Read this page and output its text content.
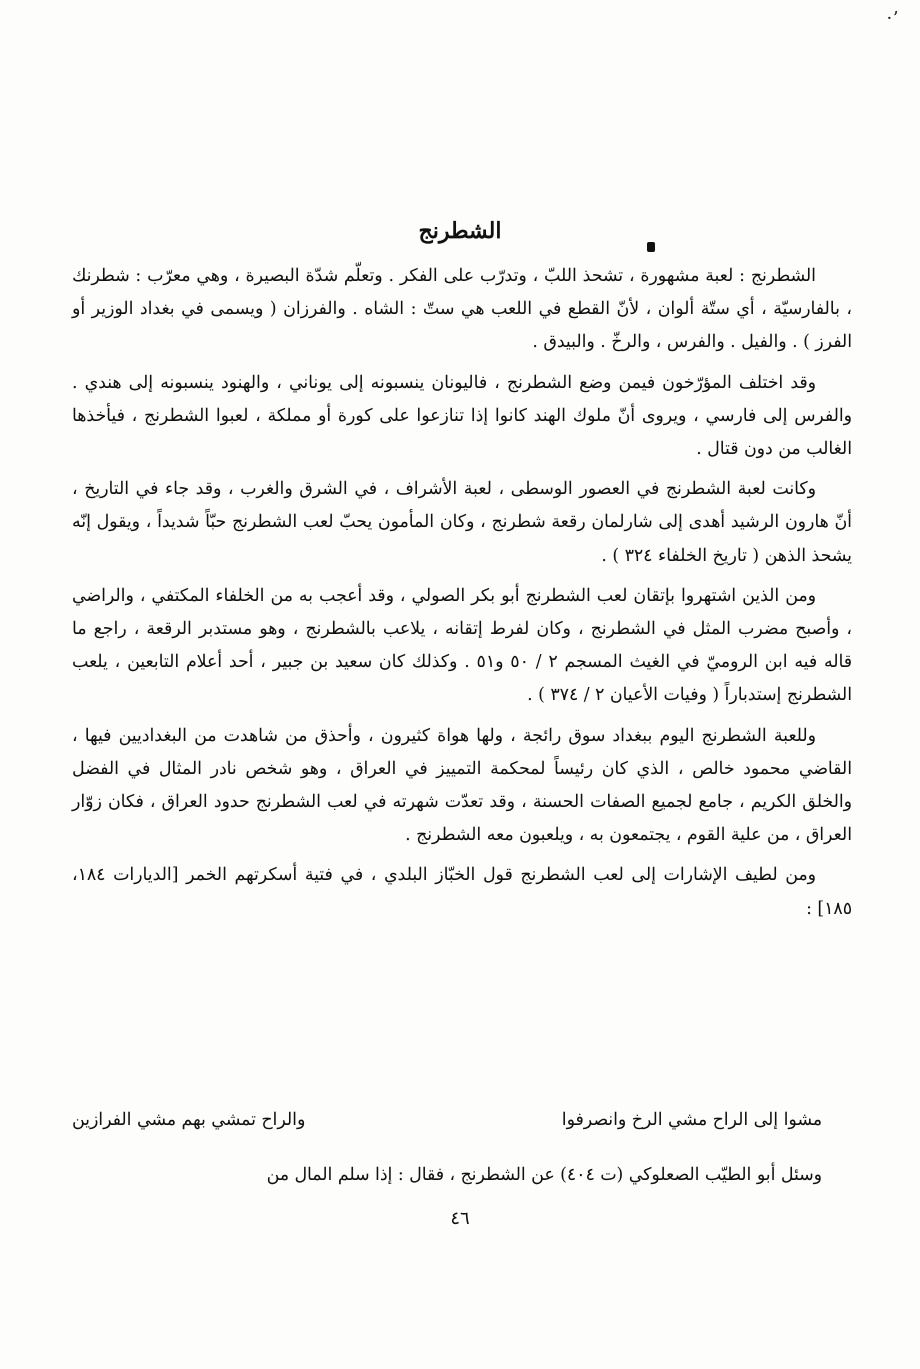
·ʼ
الشطرنج

الشطرنج : لعبة مشهورة ، تشحذ اللبّ ، وتدرّب على الفكر . وتعلّم شدّة البصيرة ، وهي معرّب : شطرنك ، بالفارسيّة ، أي ستّة ألوان ، لأنّ القطع في اللعب هي ستّ : الشاه . والفرزان ( ويسمى في بغداد الوزير أو الفرز ) . والفيل . والفرس ، والرخّ . والبيدق .

وقد اختلف المؤرّخون فيمن وضع الشطرنج ، فاليونان ينسبونه إلى يوناني ، والهنود ينسبونه إلى هندي . والفرس إلى فارسي ، ويروى أنّ ملوك الهند كانوا إذا تنازعوا على كورة أو مملكة ، لعبوا الشطرنج ، فيأخذها الغالب من دون قتال .

وكانت لعبة الشطرنج في العصور الوسطى ، لعبة الأشراف ، في الشرق والغرب ، وقد جاء في التاريخ ، أنّ هارون الرشيد أهدى إلى شارلمان رقعة شطرنج ، وكان المأمون يحبّ لعب الشطرنج حبّاً شديداً ، ويقول إنّه يشحذ الذهن ( تاريخ الخلفاء ٣٢٤ ) .

ومن الذين اشتهروا بإتقان لعب الشطرنج أبو بكر الصولي ، وقد أعجب به من الخلفاء المكتفي ، والراضي ، وأصبح مضرب المثل في الشطرنج ، وكان لفرط إتقانه ، يلاعب بالشطرنج ، وهو مستدبر الرقعة ، راجع ما قاله فيه ابن الروميّ في الغيث المسجم ٢ / ٥٠ و٥١ . وكذلك كان سعيد بن جبير ، أحد أعلام التابعين ، يلعب الشطرنج إستدباراً ( وفيات الأعيان ٢ / ٣٧٤ ) .

وللعبة الشطرنج اليوم ببغداد سوق رائجة ، ولها هواة كثيرون ، وأحذق من شاهدت من البغداديين فيها ، القاضي محمود خالص ، الذي كان رئيساً لمحكمة التمييز في العراق ، وهو شخص نادر المثال في الفضل والخلق الكريم ، جامع لجميع الصفات الحسنة ، وقد تعدّت شهرته في لعب الشطرنج حدود العراق ، فكان زوّار العراق ، من علية القوم ، يجتمعون به ، ويلعبون معه الشطرنج .

ومن لطيف الإشارات إلى لعب الشطرنج قول الخبّاز البلدي ، في فتية أسكرتهم الخمر [الديارات ١٨٤، ١٨٥] :

مشوا إلى الراح مشي الرخ وانصرفوا
والراح تمشي بهم مشي الفرازين
وسئل أبو الطيّب الصعلوكي (ت ٤٠٤) عن الشطرنج ، فقال : إذا سلم المال من
٤٦
